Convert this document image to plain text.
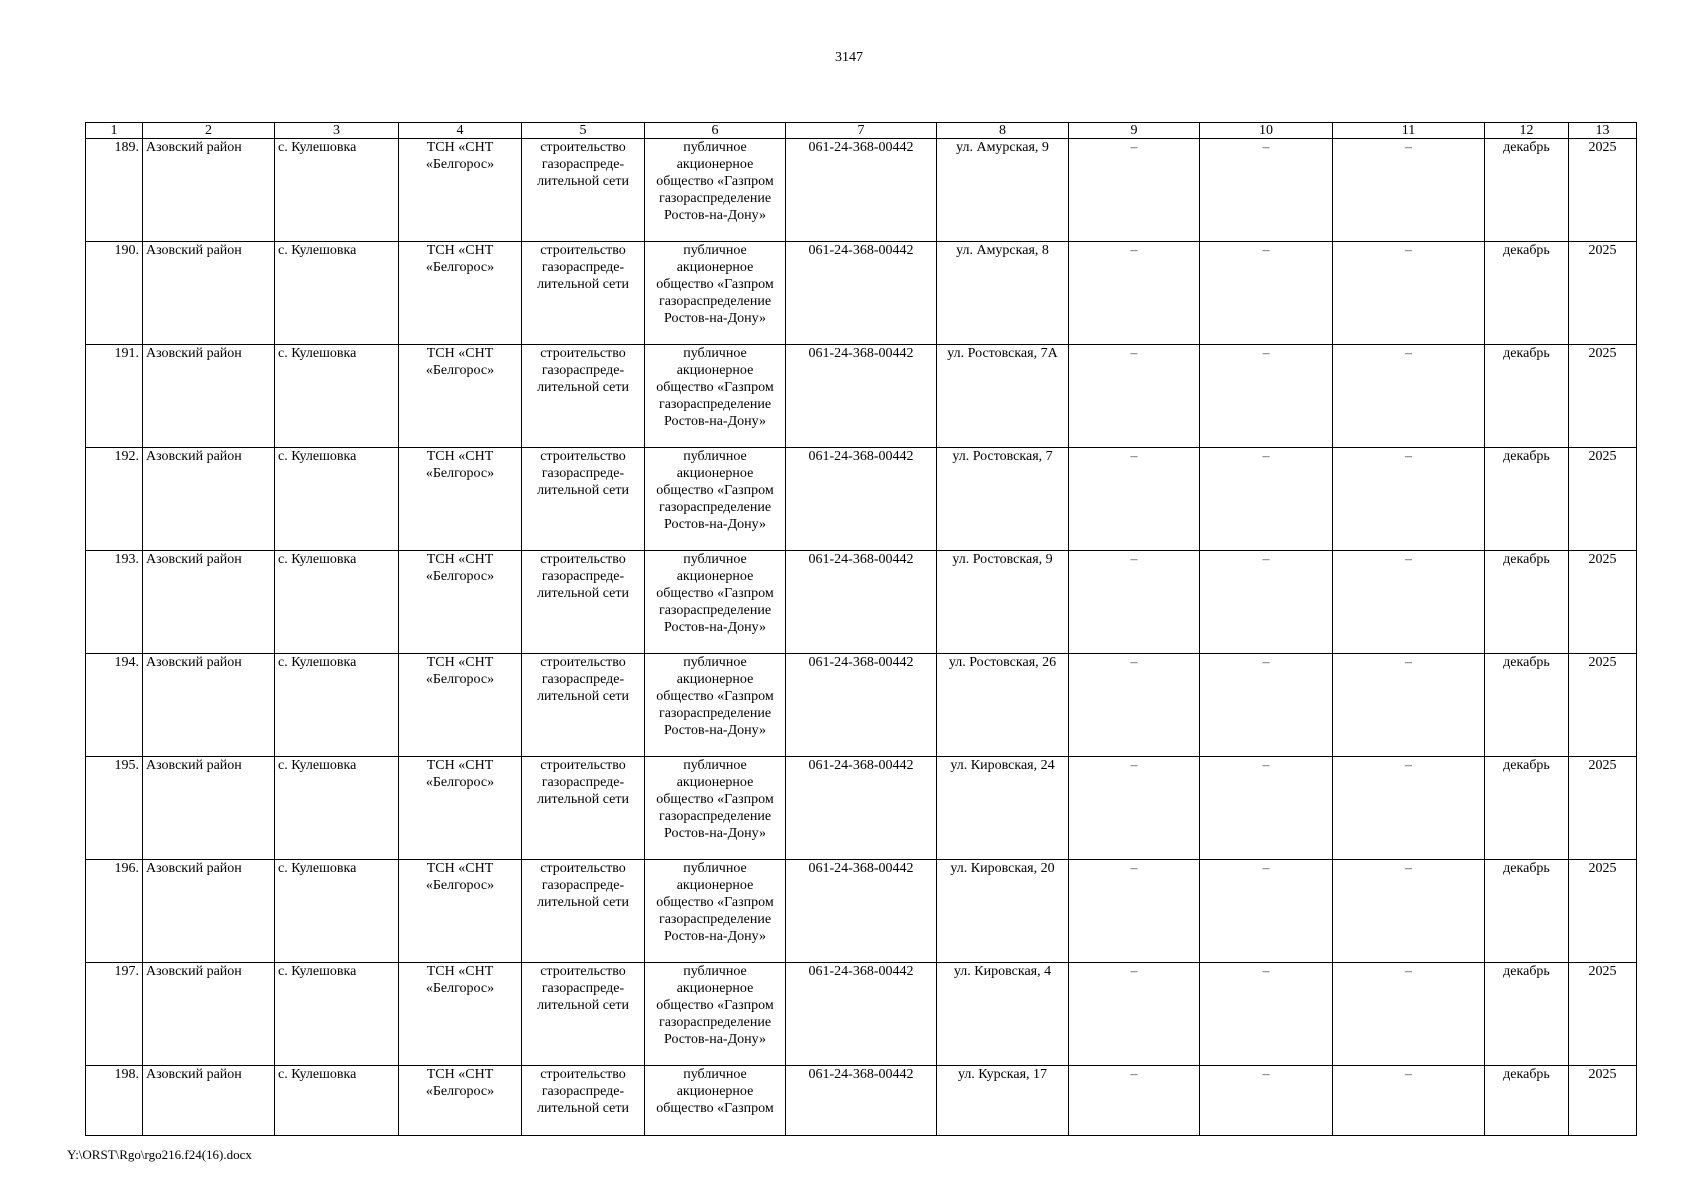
3147
1	2	3	4	5	6	7	8	9	10	11	12	13
189.	Азовский район	с. Кулешовка	ТСН «СНТ «Белгорос»	строительство газораспреде-лительной сети	публичное акционерное общество «Газпром газораспределение Ростов-на-Дону»	061-24-368-00442	ул. Амурская, 9	–	–	–	декабрь	2025
190.	Азовский район	с. Кулешовка	ТСН «СНТ «Белгорос»	строительство газораспреде-лительной сети	публичное акционерное общество «Газпром газораспределение Ростов-на-Дону»	061-24-368-00442	ул. Амурская, 8	–	–	–	декабрь	2025
191.	Азовский район	с. Кулешовка	ТСН «СНТ «Белгорос»	строительство газораспреде-лительной сети	публичное акционерное общество «Газпром газораспределение Ростов-на-Дону»	061-24-368-00442	ул. Ростовская, 7А	–	–	–	декабрь	2025
192.	Азовский район	с. Кулешовка	ТСН «СНТ «Белгорос»	строительство газораспреде-лительной сети	публичное акционерное общество «Газпром газораспределение Ростов-на-Дону»	061-24-368-00442	ул. Ростовская, 7	–	–	–	декабрь	2025
193.	Азовский район	с. Кулешовка	ТСН «СНТ «Белгорос»	строительство газораспреде-лительной сети	публичное акционерное общество «Газпром газораспределение Ростов-на-Дону»	061-24-368-00442	ул. Ростовская, 9	–	–	–	декабрь	2025
194.	Азовский район	с. Кулешовка	ТСН «СНТ «Белгорос»	строительство газораспреде-лительной сети	публичное акционерное общество «Газпром газораспределение Ростов-на-Дону»	061-24-368-00442	ул. Ростовская, 26	–	–	–	декабрь	2025
195.	Азовский район	с. Кулешовка	ТСН «СНТ «Белгорос»	строительство газораспреде-лительной сети	публичное акционерное общество «Газпром газораспределение Ростов-на-Дону»	061-24-368-00442	ул. Кировская, 24	–	–	–	декабрь	2025
196.	Азовский район	с. Кулешовка	ТСН «СНТ «Белгорос»	строительство газораспреде-лительной сети	публичное акционерное общество «Газпром газораспределение Ростов-на-Дону»	061-24-368-00442	ул. Кировская, 20	–	–	–	декабрь	2025
197.	Азовский район	с. Кулешовка	ТСН «СНТ «Белгорос»	строительство газораспреде-лительной сети	публичное акционерное общество «Газпром газораспределение Ростов-на-Дону»	061-24-368-00442	ул. Кировская, 4	–	–	–	декабрь	2025
198.	Азовский район	с. Кулешовка	ТСН «СНТ «Белгорос»	строительство газораспреде-лительной сети	публичное акционерное общество «Газпром	061-24-368-00442	ул. Курская, 17	–	–	–	декабрь	2025
Y:\ORST\Rgo\rgo216.f24(16).docx
